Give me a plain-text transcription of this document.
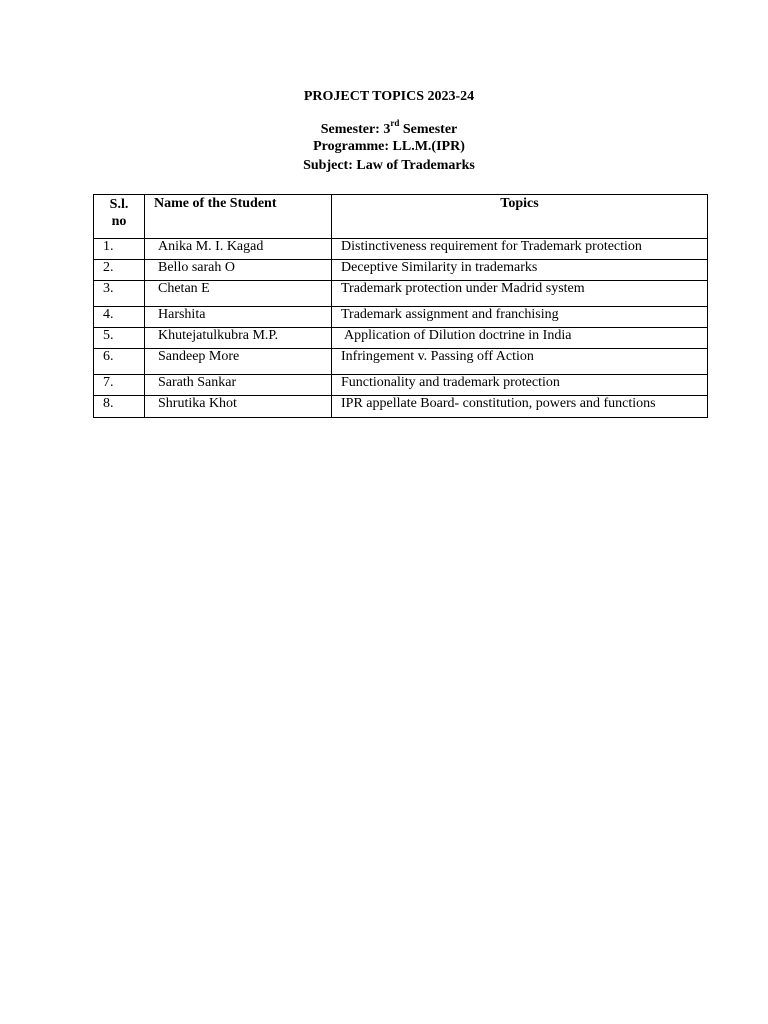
PROJECT TOPICS 2023-24
Semester: 3rd Semester
Programme: LL.M.(IPR)
Subject: Law of Trademarks
S.l.
no	Name of the Student	Topics
1.	Anika M. I. Kagad	Distinctiveness requirement for Trademark protection
2.	Bello sarah O	Deceptive Similarity in trademarks
3.	Chetan E	Trademark protection under Madrid system
4.	Harshita	Trademark assignment and franchising
5.	Khutejatulkubra M.P.	Application of Dilution doctrine in India
6.	Sandeep More	Infringement v. Passing off Action
7.	Sarath Sankar	Functionality and trademark protection
8.	Shrutika Khot	IPR appellate Board- constitution, powers and functions
